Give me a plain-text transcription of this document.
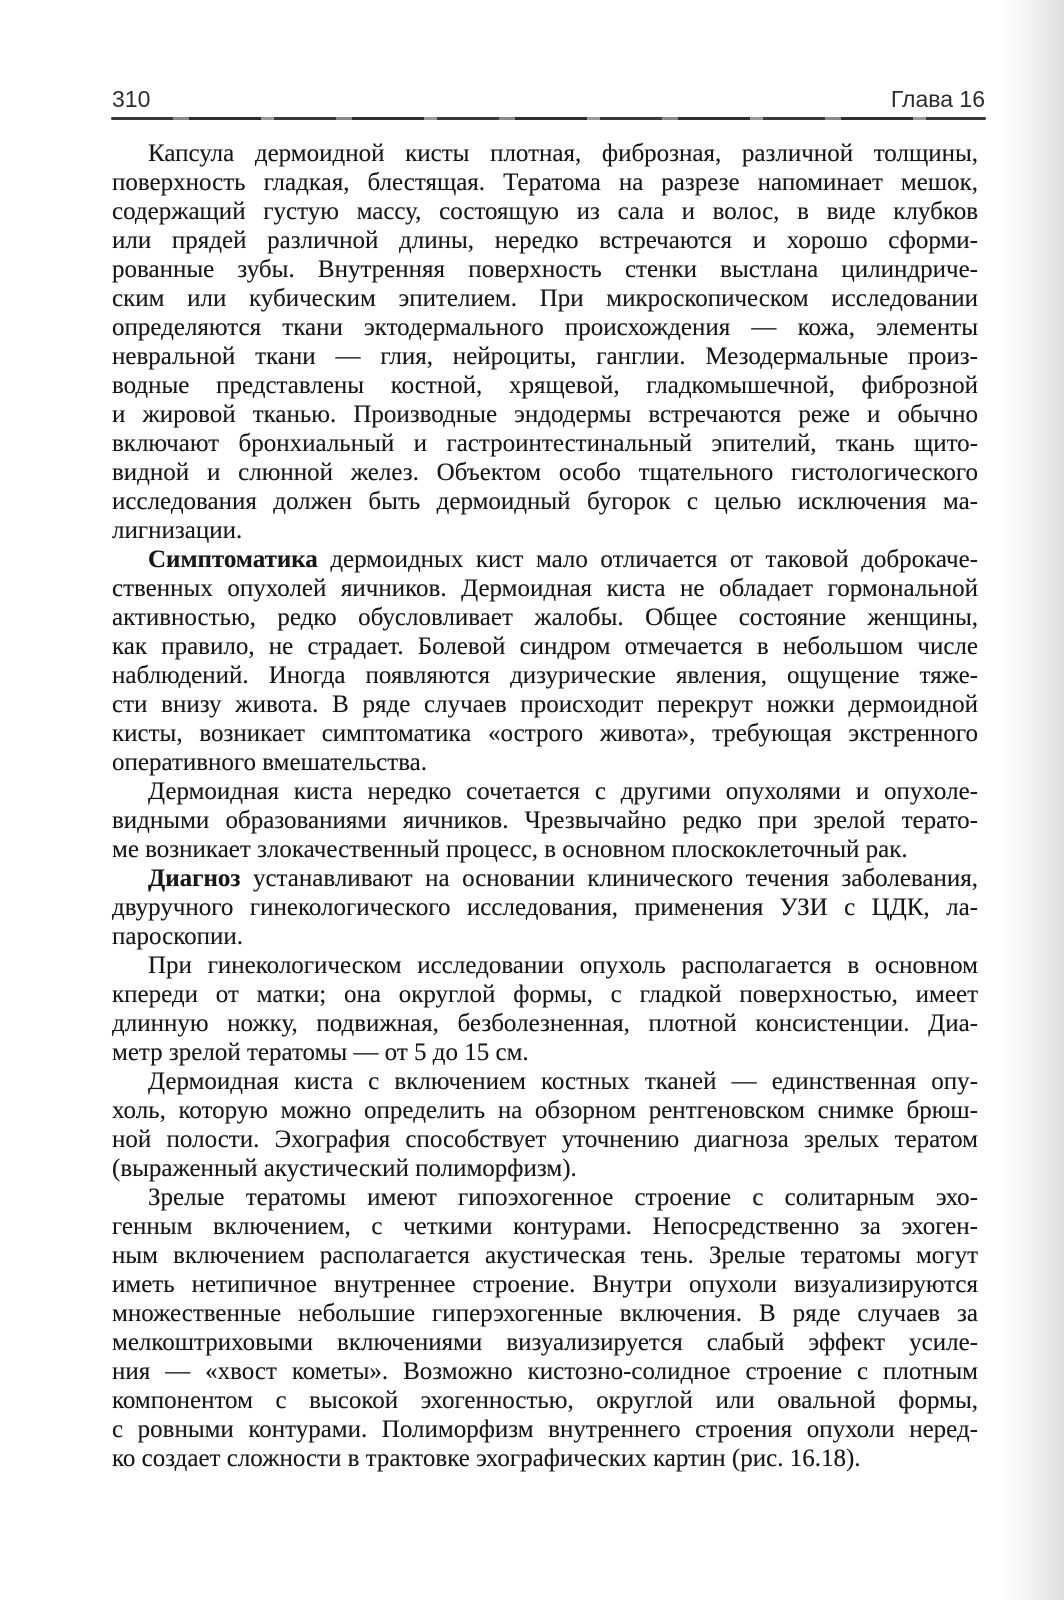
310	Глава 16
Капсула дермоидной кисты плотная, фиброзная, различной толщины,
поверхность гладкая, блестящая. Тератома на разрезе напоминает мешок,
содержащий густую массу, состоящую из сала и волос, в виде клубков
или прядей различной длины, нередко встречаются и хорошо сформи-
рованные зубы. Внутренняя поверхность стенки выстлана цилиндриче-
ским или кубическим эпителием. При микроскопическом исследовании
определяются ткани эктодермального происхождения — кожа, элементы
невральной ткани — глия, нейроциты, ганглии. Мезодермальные произ-
водные представлены костной, хрящевой, гладкомышечной, фиброзной
и жировой тканью. Производные эндодермы встречаются реже и обычно
включают бронхиальный и гастроинтестинальный эпителий, ткань щито-
видной и слюнной желез. Объектом особо тщательного гистологического
исследования должен быть дермоидный бугорок с целью исключения ма-
лигнизации.
Симптоматика дермоидных кист мало отличается от таковой доброкаче-
ственных опухолей яичников. Дермоидная киста не обладает гормональной
активностью, редко обусловливает жалобы. Общее состояние женщины,
как правило, не страдает. Болевой синдром отмечается в небольшом числе
наблюдений. Иногда появляются дизурические явления, ощущение тяже-
сти внизу живота. В ряде случаев происходит перекрут ножки дермоидной
кисты, возникает симптоматика «острого живота», требующая экстренного
оперативного вмешательства.
Дермоидная киста нередко сочетается с другими опухолями и опухоле-
видными образованиями яичников. Чрезвычайно редко при зрелой терато-
ме возникает злокачественный процесс, в основном плоскоклеточный рак.
Диагноз устанавливают на основании клинического течения заболевания,
двуручного гинекологического исследования, применения УЗИ с ЦДК, ла-
пароскопии.
При гинекологическом исследовании опухоль располагается в основном
кпереди от матки; она округлой формы, с гладкой поверхностью, имеет
длинную ножку, подвижная, безболезненная, плотной консистенции. Диа-
метр зрелой тератомы — от 5 до 15 см.
Дермоидная киста с включением костных тканей — единственная опу-
холь, которую можно определить на обзорном рентгеновском снимке брюш-
ной полости. Эхография способствует уточнению диагноза зрелых тератом
(выраженный акустический полиморфизм).
Зрелые тератомы имеют гипоэхогенное строение с солитарным эхо-
генным включением, с четкими контурами. Непосредственно за эхоген-
ным включением располагается акустическая тень. Зрелые тератомы могут
иметь нетипичное внутреннее строение. Внутри опухоли визуализируются
множественные небольшие гиперэхогенные включения. В ряде случаев за
мелкоштриховыми включениями визуализируется слабый эффект усиле-
ния — «хвост кометы». Возможно кистозно-солидное строение с плотным
компонентом с высокой эхогенностью, округлой или овальной формы,
с ровными контурами. Полиморфизм внутреннего строения опухоли неред-
ко создает сложности в трактовке эхографических картин (рис. 16.18).
